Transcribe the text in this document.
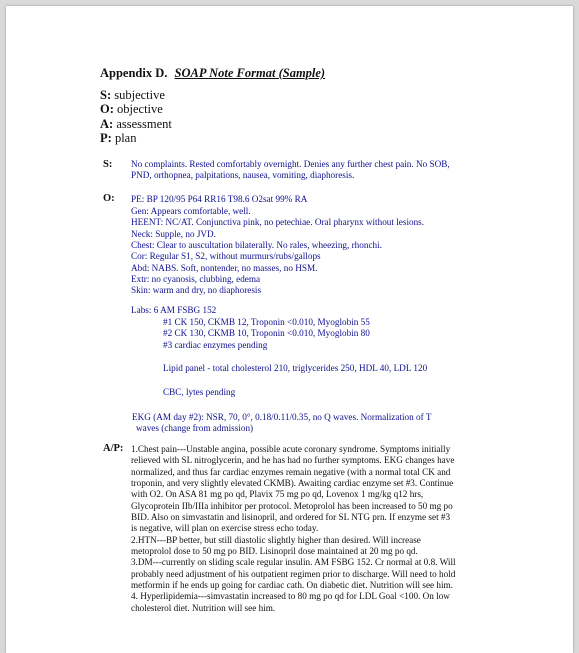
Appendix D. SOAP Note Format (Sample)
S: subjective
O: objective
A: assessment
P: plan
S: No complaints. Rested comfortably overnight. Denies any further chest pain. No SOB,
PND, orthopnea, palpitations, nausea, vomiting, diaphoresis.
O: PE: BP 120/95 P64 RR16 T98.6 O2sat 99% RA
Gen: Appears comfortable, well.
HEENT: NC/AT. Conjunctiva pink, no petechiae. Oral pharynx without lesions.
Neck: Supple, no JVD.
Chest: Clear to auscultation bilaterally. No rales, wheezing, rhonchi.
Cor: Regular S1, S2, without murmurs/rubs/gallops
Abd: NABS. Soft, nontender, no masses, no HSM.
Extr: no cyanosis, clubbing, edema
Skin: warm and dry, no diaphoresis
Labs: 6 AM FSBG 152
#1 CK 150, CKMB 12, Troponin <0.010, Myoglobin 55
#2 CK 130, CKMB 10, Troponin <0.010, Myoglobin 80
#3 cardiac enzymes pending
Lipid panel - total cholesterol 210, triglycerides 250, HDL 40, LDL 120
CBC, lytes pending
EKG (AM day #2): NSR, 70, 0°, 0.18/0.11/0.35, no Q waves. Normalization of T
waves (change from admission)
A/P: 1.Chest pain---Unstable angina, possible acute coronary syndrome. Symptoms initially
relieved with SL nitroglycerin, and he has had no further symptoms. EKG changes have
normalized, and thus far cardiac enzymes remain negative (with a normal total CK and
troponin, and very slightly elevated CKMB). Awaiting cardiac enzyme set #3. Continue
with O2. On ASA 81 mg po qd, Plavix 75 mg po qd, Lovenox 1 mg/kg q12 hrs,
Glycoprotein IIb/IIIa inhibitor per protocol. Metoprolol has been increased to 50 mg po
BID. Also on simvastatin and lisinopril, and ordered for SL NTG prn. If enzyme set #3
is negative, will plan on exercise stress echo today.
2.HTN---BP better, but still diastolic slightly higher than desired. Will increase
metoprolol dose to 50 mg po BID. Lisinopril dose maintained at 20 mg po qd.
3.DM---currently on sliding scale regular insulin. AM FSBG 152. Cr normal at 0.8. Will
probably need adjustment of his outpatient regimen prior to discharge. Will need to hold
metformin if he ends up going for cardiac cath. On diabetic diet. Nutrition will see him.
4. Hyperlipidemia---simvastatin increased to 80 mg po qd for LDL Goal <100. On low
cholesterol diet. Nutrition will see him.
